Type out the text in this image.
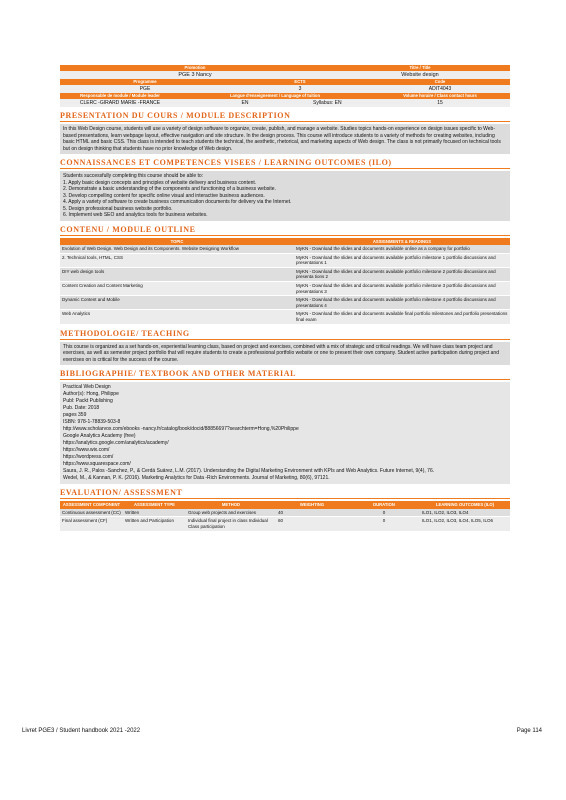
Promotion	Titre / Title
PGE 3 Nancy	Website design
Programme	ECTS	Code
PGE	3	ADIT4043
Responsable de module / Module leader	Langue d'enseignement / Language of tuition	Volume horaire / Class contact hours
CLERC -GIRARD MARIE -FRANCE	EN	Syllabus: EN	15
PRESENTATION DU COURS / MODULE DESCRIPTION

In this Web Design course, students will use a variety of design software to organize, create, publish, and manage a website. Studies topics hands-on experience on design issues specific to Web-based presentations, learn webpage layout, effective navigation and site structure. In the design process. This course will introduce students to a variety of methods for creating websites, including basic HTML and basic CSS. This class is intended to teach students the technical, the aesthetic, rhetorical, and marketing aspects of Web design. The class is not primarily focused on technical tools but on design thinking that students have no prior knowledge of Web design.

CONNAISSANCES ET COMPETENCES VISEES / LEARNING OUTCOMES (ILO)

Students successfully completing this course should be able to:

1. Apply basic design concepts and principles of website delivery and business content.

2. Demonstrate a basic understanding of the components and functioning of a business website.

3. Develop compelling content for specific online visual and interactive business audiences.

4. Apply a variety of software to create business communication documents for delivery via the Internet.

5. Design professional business website portfolio.

6. Implement web SEO and analytics tools for business websites.

CONTENU / MODULE OUTLINE
TOPIC	ASSIGNMENTS & READINGS
Evolution of Web Design. Web Design and its Components. Website Designing Workflow	MyKN - Download the slides and documents available online as a company for portfolio
2. Technical tools, HTML, CSS	MyKN - Download the slides and documents available portfolio milestone 1 portfolio discussions and presentations 1
DIY web design tools	MyKN - Download the slides and documents available portfolio milestone 2 portfolio discussions and presenta tions 2
Content Creation and Content Marketing	MyKN - Download the slides and documents available portfolio milestone 3 portfolio discussions and presentations 3
Dynamic Content and Mobile	MyKN - Download the slides and documents available portfolio milestone 4 portfolio discussions and presentations 4
Web Analytics	MyKN - Download the slides and documents available final portfolio milestones and portfolio presentations final exam
METHODOLOGIE/ TEACHING

This course is organized as a set hands-on, experiential learning class, based on project and exercises, combined with a mix of strategic and critical readings. We will have class team project and exercises, as well as semester project portfolio that will require students to create a professional portfolio website or one to present their own company. Student active participation during project and exercises on is critical for the success of the course.

BIBLIOGRAPHIE/ TEXTBOOK AND OTHER MATERIAL
Practical Web Design
Author(s): Hong, Philippe
Publ: Packt Publishing
Pub. Date: 2018
pages 359
ISBN: 978-1-78839-503-8
http://www.scholarvox.com/ebooks -nancy.fr/catalog/book/docid/88856697?searchterm=Hong,%20Philippe
Google Analytics Academy (free)
https://analytics.google.com/analytics/academy/
https://www.wix.com/
https://wordpress.com/
https://www.squarespace.com/
Saura, J. R., Palos -Sanchez, P., & Cerdá Suárez, L.M. (2017). Understanding the Digital Marketing Environment with KPIs and Web Analytics. Future Internet, 9(4), 76.
Wedel, M., & Kannan, P. K. (2016). Marketing Analytics for Data -Rich Environments. Journal of Marketing, 80(6), 97121.
EVALUATION/ ASSESSMENT
ASSESSMENT COMPONENT	ASSESSMENT TYPE	METHOD	WEIGHTING	DURATION	LEARNING OUTCOMES (ILO)
Continuous assessment (CC)	Written	Group web projects and exercises	40	0	ILO1, ILO2, ILO3, ILO4
Final assessment (CF)	Written and Participation	Individual final project in class Individual Class participation	60	0	ILO1, ILO2, ILO3, ILO4, ILO5, ILO6
Livret PGE3 / Student handbook 2021 -2022	Page 114
